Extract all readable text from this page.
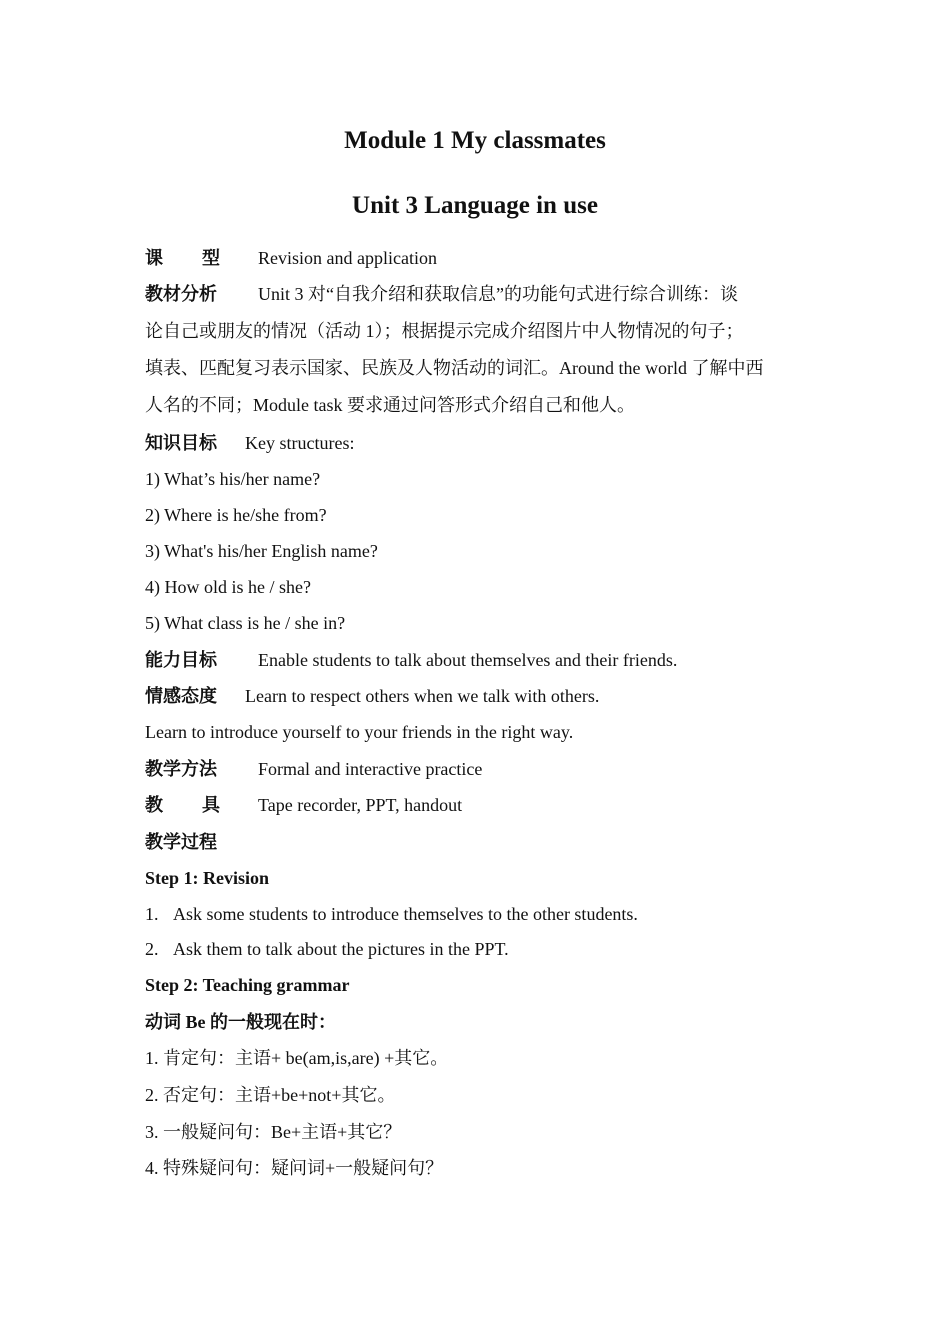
Module 1 My classmates
Unit 3 Language in use
课 型 Revision and application
教材分析 Unit 3 对“自我介绍和获取信息”的功能句式进行综合训练：谈
论自己或朋友的情况（活动 1）；根据提示完成介绍图片中人物情况的句子；
填表、匹配复习表示国家、民族及人物活动的词汇。Around the world 了解中西
人名的不同；Module task 要求通过问答形式介绍自己和他人。
知识目标 Key structures:
1) What’s his/her name?
2) Where is he/she from?
3) What's his/her English name?
4) How old is he / she?
5) What class is he / she in?
能力目标 Enable students to talk about themselves and their friends.
情感态度 Learn to respect others when we talk with others.
Learn to introduce yourself to your friends in the right way.
教学方法 Formal and interactive practice
教 具 Tape recorder, PPT, handout
教学过程
Step 1: Revision
1. Ask some students to introduce themselves to the other students.
2. Ask them to talk about the pictures in the PPT.
Step 2: Teaching grammar
动词 Be 的一般现在时：
1. 肯定句：主语+ be(am,is,are) +其它。
2. 否定句：主语+be+not+其它。
3. 一般疑问句：Be+主语+其它？
4. 特殊疑问句：疑问词+一般疑问句？
